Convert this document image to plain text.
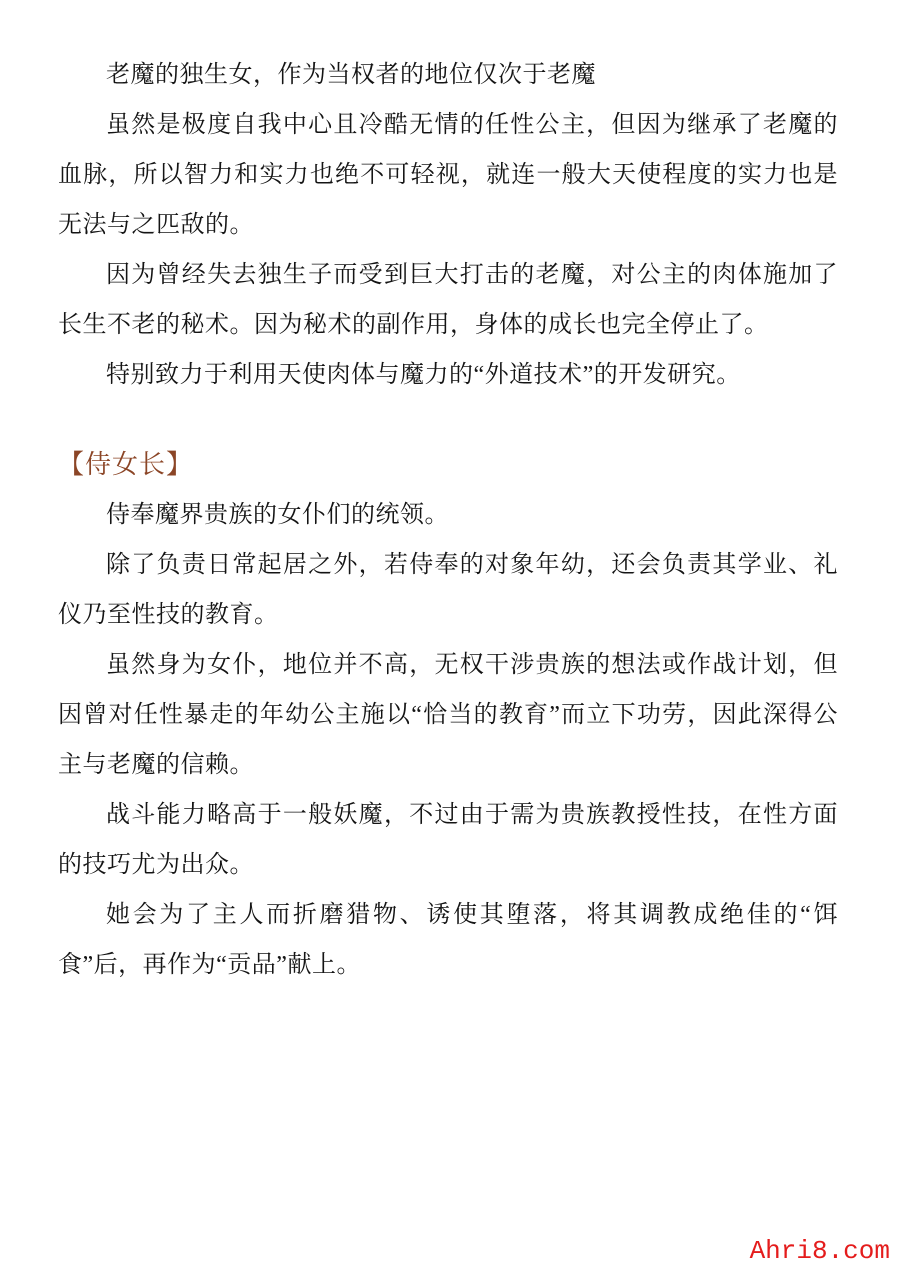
老魔的独生女，作为当权者的地位仅次于老魔

虽然是极度自我中心且冷酷无情的任性公主，但因为继承了老魔的血脉，所以智力和实力也绝不可轻视，就连一般大天使程度的实力也是无法与之匹敌的。

因为曾经失去独生子而受到巨大打击的老魔，对公主的肉体施加了长生不老的秘术。因为秘术的副作用，身体的成长也完全停止了。

特别致力于利用天使肉体与魔力的“外道技术”的开发研究。

【侍女长】

侍奉魔界贵族的女仆们的统领。

除了负责日常起居之外，若侍奉的对象年幼，还会负责其学业、礼仪乃至性技的教育。

虽然身为女仆，地位并不高，无权干涉贵族的想法或作战计划，但因曾对任性暴走的年幼公主施以“恰当的教育”而立下功劳，因此深得公主与老魔的信赖。

战斗能力略高于一般妖魔，不过由于需为贵族教授性技，在性方面的技巧尤为出众。

她会为了主人而折磨猎物、诱使其堕落，将其调教成绝佳的“饵食”后，再作为“贡品”献上。

Ahri8.com
